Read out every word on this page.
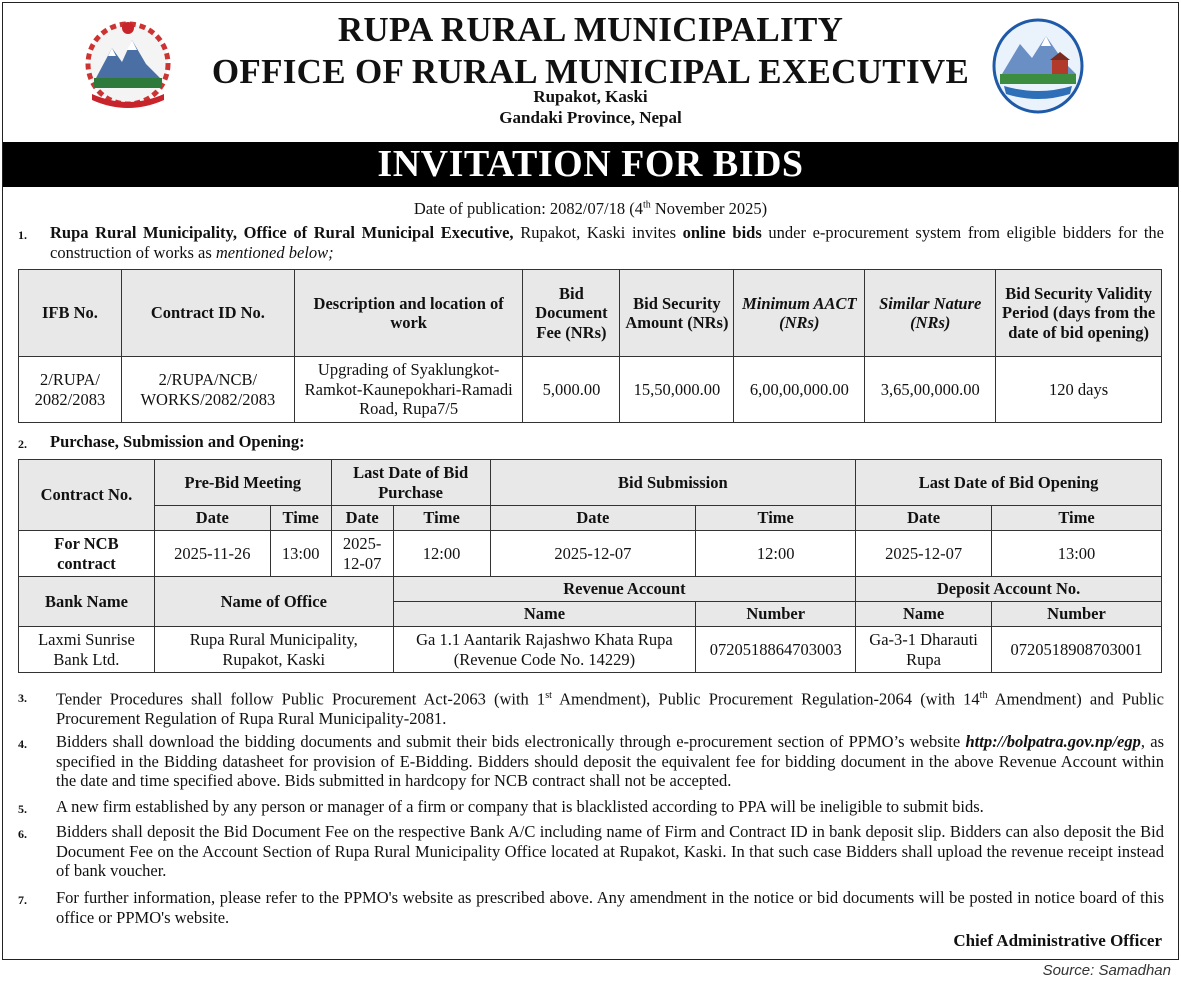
RUPA RURAL MUNICIPALITY
OFFICE OF RURAL MUNICIPAL EXECUTIVE
Rupakot, Kaski
Gandaki Province, Nepal
INVITATION FOR BIDS
Date of publication: 2082/07/18 (4th November 2025)
1. Rupa Rural Municipality, Office of Rural Municipal Executive, Rupakot, Kaski invites online bids under e-procurement system from eligible bidders for the construction of works as mentioned below;
IFB No.	Contract ID No.	Description and location of work	Bid Document Fee (NRs)	Bid Security Amount (NRs)	Minimum AACT (NRs)	Similar Nature (NRs)	Bid Security Validity Period (days from the date of bid opening)
2/RUPA/ 2082/2083	2/RUPA/NCB/ WORKS/2082/2083	Upgrading of Syaklungkot-Ramkot-Kaunepokhari-Ramadi Road, Rupa7/5	5,000.00	15,50,000.00	6,00,00,000.00	3,65,00,000.00	120 days
2. Purchase, Submission and Opening:
Contract No.	Pre-Bid Meeting		Last Date of Bid Purchase		Bid Submission		Last Date of Bid Opening	
	Date	Time	Date	Time	Date	Time	Date	Time
For NCB contract	2025-11-26	13:00	2025-12-07	12:00	2025-12-07	12:00	2025-12-07	13:00
Bank Name	Name of Office			Revenue Account			Deposit Account No.	
				Name		Number	Name	Number
Laxmi Sunrise Bank Ltd.	Rupa Rural Municipality, Rupakot, Kaski			Ga 1.1 Aantarik Rajashwo Khata Rupa (Revenue Code No. 14229)		0720518864703003	Ga-3-1 Dharauti Rupa	0720518908703001
3. Tender Procedures shall follow Public Procurement Act-2063 (with 1st Amendment), Public Procurement Regulation-2064 (with 14th Amendment) and Public Procurement Regulation of Rupa Rural Municipality-2081.
4. Bidders shall download the bidding documents and submit their bids electronically through e-procurement section of PPMO’s website http://bolpatra.gov.np/egp, as specified in the Bidding datasheet for provision of E-Bidding. Bidders should deposit the equivalent fee for bidding document in the above Revenue Account within the date and time specified above. Bids submitted in hardcopy for NCB contract shall not be accepted.
5. A new firm established by any person or manager of a firm or company that is blacklisted according to PPA will be ineligible to submit bids.
6. Bidders shall deposit the Bid Document Fee on the respective Bank A/C including name of Firm and Contract ID in bank deposit slip. Bidders can also deposit the Bid Document Fee on the Account Section of Rupa Rural Municipality Office located at Rupakot, Kaski. In that such case Bidders shall upload the revenue receipt instead of bank voucher.
7. For further information, please refer to the PPMO's website as prescribed above. Any amendment in the notice or bid documents will be posted in notice board of this office or PPMO's website.
Chief Administrative Officer
Source: Samadhan
